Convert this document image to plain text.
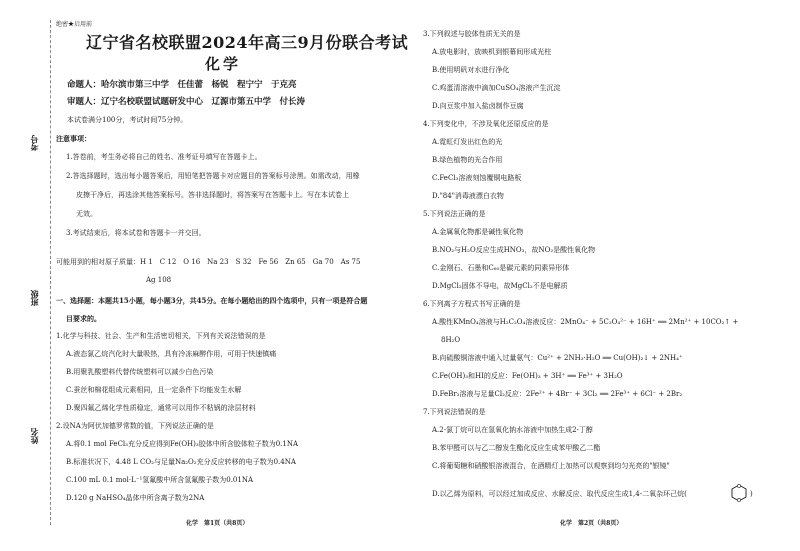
考号
班级
姓名
绝密★启用前
辽宁省名校联盟2024年高三9月份联合考试
化学
命题人：哈尔滨市第三中学　任佳蕾　杨锐　程宁宁　于克亮
审题人：辽宁名校联盟试题研发中心　辽源市第五中学　付长涛
本试卷满分100分，考试时间75分钟。
注意事项：
1.答卷前，考生务必将自己的姓名、准考证号填写在答题卡上。
2.答选择题时，选出每小题答案后，用铅笔把答题卡对应题目的答案标号涂黑。如需改动，用橡
皮擦干净后，再选涂其他答案标号。答非选择题时，将答案写在答题卡上。写在本试卷上
无效。
3.考试结束后，将本试卷和答题卡一并交回。
可能用到的相对原子质量：H 1　C 12　O 16　Na 23　S 32　Fe 56　Zn 65　Ga 70　As 75
Ag 108
一、选择题：本题共15小题，每小题3分，共45分。在每小题给出的四个选项中，只有一项是符合题
目要求的。
1.化学与科技、社会、生产和生活密切相关，下列有关说法错误的是
A.液态氯乙烷汽化时大量吸热，具有冷冻麻醉作用，可用于快速镇痛
B.用聚乳酸塑料代替传统塑料可以减少白色污染
C.蚕丝和棉花组成元素相同，且一定条件下均能发生水解
D.聚四氟乙烯化学性质稳定，通常可以用作不粘锅的涂层材料
2.设NA为阿伏加德罗常数的值，下列说法正确的是
A.将0.1 mol FeCl₃充分反应得到Fe(OH)₃胶体中所含胶体粒子数为0.1NA
B.标准状况下，4.48 L CO₂与足量Na₂O₂充分反应转移的电子数为0.4NA
C.100 mL 0.1 mol·L⁻¹氢氟酸中所含氢氟酸子数为0.01NA
D.120 g NaHSO₄晶体中所含离子数为2NA
化学　第1页（共8页）
3.下列叙述与胶体性质无关的是
A.放电影时，放映机到银幕间形成光柱
B.使用明矾对水进行净化
C.鸡蛋清溶液中滴加CuSO₄溶液产生沉淀
D.向豆浆中加入盐卤制作豆腐
4.下列变化中，不涉及氧化还原反应的是
A.霓虹灯发出红色的光
B.绿色植物的光合作用
C.FeCl₃溶液刻蚀覆铜电路板
D."84"消毒液漂白衣物
5.下列说法正确的是
A.金属氧化物都是碱性氧化物
B.NO₂与H₂O反应生成HNO₃，故NO₂是酸性氧化物
C.金刚石、石墨和C₆₀是碳元素的同素异形体
D.MgCl₂固体不导电，故MgCl₂不是电解质
6.下列离子方程式书写正确的是
A.酸性KMnO₄溶液与H₂C₂O₄溶液反应：2MnO₄⁻ + 5C₂O₄²⁻ + 16H⁺ ══ 2Mn²⁺ + 10CO₂↑ +
8H₂O
B.向硫酸铜溶液中通入过量氨气：Cu²⁺ + 2NH₃·H₂O ══ Cu(OH)₂↓ + 2NH₄⁺
C.Fe(OH)₃和HI的反应：Fe(OH)₃ + 3H⁺ ══ Fe³⁺ + 3H₂O
D.FeBr₂溶液与足量Cl₂反应：2Fe²⁺ + 4Br⁻ + 3Cl₂ ══ 2Fe³⁺ + 6Cl⁻ + 2Br₂
7.下列说法错误的是
A.2-氯丁烷可以在氢氧化钠水溶液中加热生成2-丁醇
B.苯甲醛可以与乙二醇发生酯化反应生成苯甲酸乙二酯
C.将葡萄糖和硝酸银溶液混合，在酒精灯上加热可以观察到均匀光亮的"银镜"
D.以乙烯为原料，可以经过加成反应、水解反应、取代反应生成1,4-二氧杂环己烷(	)
化学　第2页（共8页）
